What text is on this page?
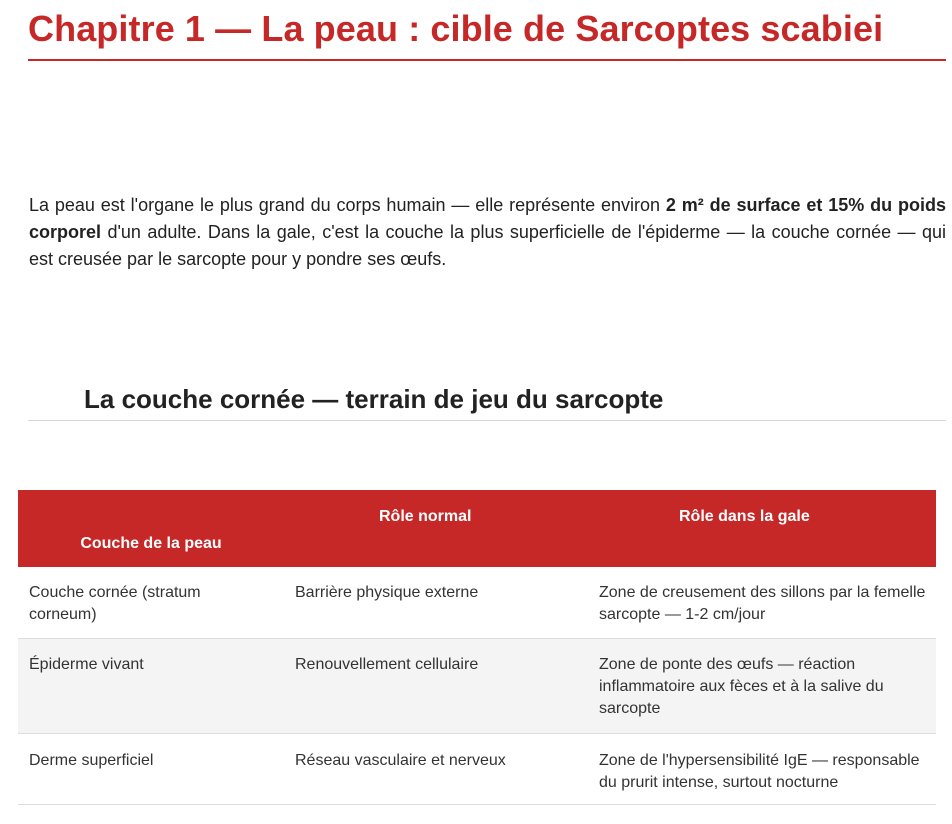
Chapitre 1 — La peau : cible de Sarcoptes scabiei

La peau est l'organe le plus grand du corps humain — elle représente environ 2 m² de surface et 15% du poids corporel d'un adulte. Dans la gale, c'est la couche la plus superficielle de l'épiderme — la couche cornée — qui est creusée par le sarcopte pour y pondre ses œufs.

La couche cornée — terrain de jeu du sarcopte
Couche de la peau	Rôle normal	Rôle dans la gale
Couche cornée (stratum corneum)	Barrière physique externe	Zone de creusement des sillons par la femelle sarcopte — 1-2 cm/jour
Épiderme vivant	Renouvellement cellulaire	Zone de ponte des œufs — réaction inflammatoire aux fèces et à la salive du sarcopte
Derme superficiel	Réseau vasculaire et nerveux	Zone de l'hypersensibilité IgE — responsable du prurit intense, surtout nocturne
